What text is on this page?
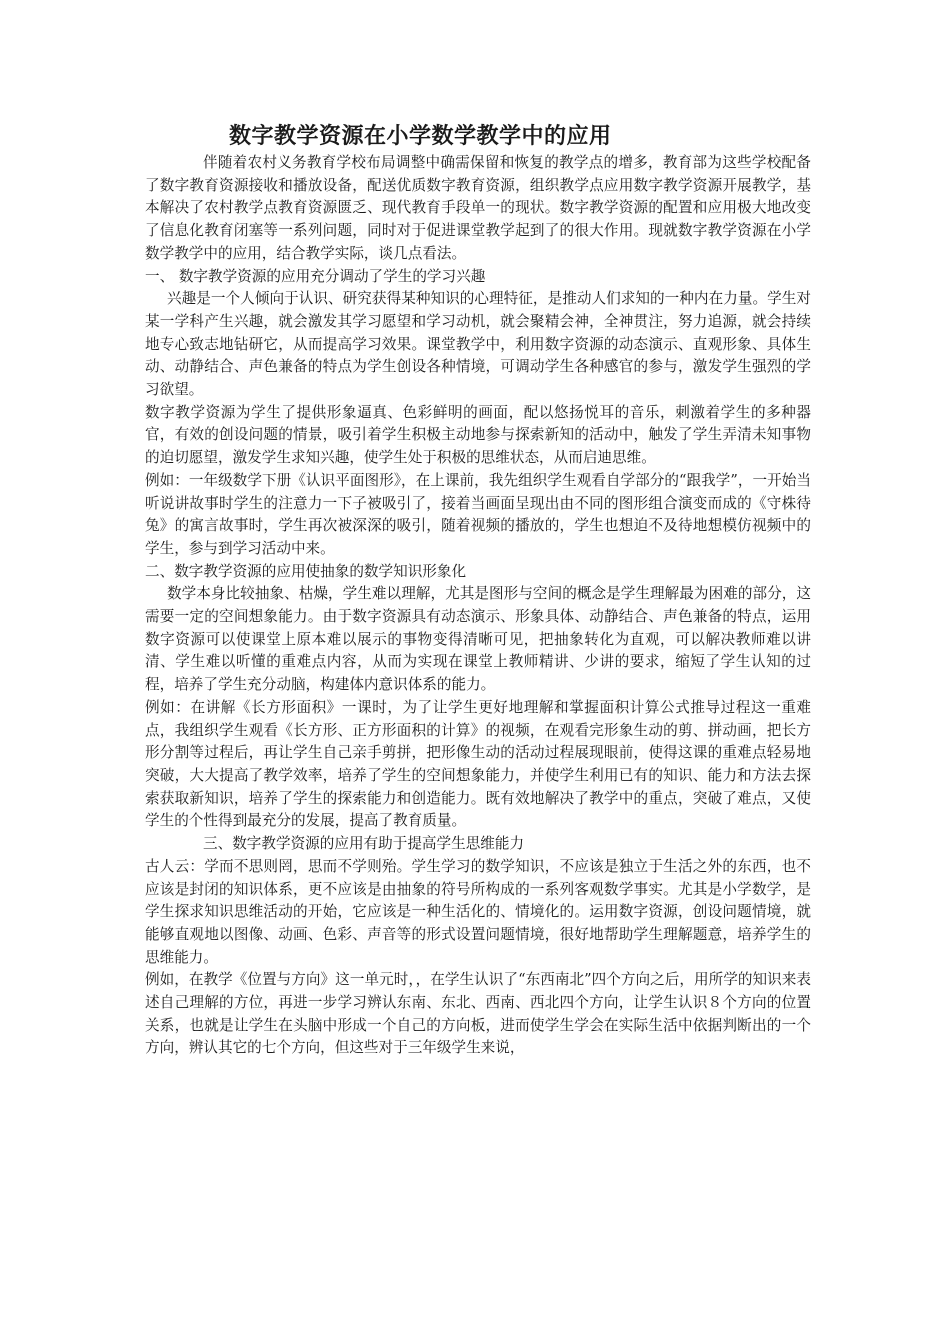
数字教学资源在小学数学教学中的应用

伴随着农村义务教育学校布局调整中确需保留和恢复的教学点的增多，教育部为这些学校配备了数字教育资源接收和播放设备，配送优质数字教育资源，组织教学点应用数字教学资源开展教学，基本解决了农村教学点教育资源匮乏、现代教育手段单一的现状。数字教学资源的配置和应用极大地改变了信息化教育闭塞等一系列问题，同时对于促进课堂教学起到了的很大作用。现就数字教学资源在小学数学教学中的应用，结合教学实际，谈几点看法。

一、 数字教学资源的应用充分调动了学生的学习兴趣

兴趣是一个人倾向于认识、研究获得某种知识的心理特征，是推动人们求知的一种内在力量。学生对某一学科产生兴趣，就会激发其学习愿望和学习动机，就会聚精会神，全神贯注，努力追源，就会持续地专心致志地钻研它，从而提高学习效果。课堂教学中，利用数字资源的动态演示、直观形象、具体生动、动静结合、声色兼备的特点为学生创设各种情境，可调动学生各种感官的参与，激发学生强烈的学习欲望。

数字教学资源为学生了提供形象逼真、色彩鲜明的画面，配以悠扬悦耳的音乐，刺激着学生的多种器官，有效的创设问题的情景，吸引着学生积极主动地参与探索新知的活动中，触发了学生弄清未知事物的迫切愿望，激发学生求知兴趣，使学生处于积极的思维状态，从而启迪思维。

例如：一年级数学下册《认识平面图形》，在上课前，我先组织学生观看自学部分的“跟我学”，一开始当听说讲故事时学生的注意力一下子被吸引了，接着当画面呈现出由不同的图形组合演变而成的《守株待兔》的寓言故事时，学生再次被深深的吸引，随着视频的播放的，学生也想迫不及待地想模仿视频中的学生，参与到学习活动中来。

二、数字教学资源的应用使抽象的数学知识形象化

数学本身比较抽象、枯燥，学生难以理解，尤其是图形与空间的概念是学生理解最为困难的部分，这需要一定的空间想象能力。由于数字资源具有动态演示、形象具体、动静结合、声色兼备的特点，运用数字资源可以使课堂上原本难以展示的事物变得清晰可见，把抽象转化为直观，可以解决教师难以讲清、学生难以听懂的重难点内容，从而为实现在课堂上教师精讲、少讲的要求，缩短了学生认知的过程，培养了学生充分动脑，构建体内意识体系的能力。

例如：在讲解《长方形面积》一课时，为了让学生更好地理解和掌握面积计算公式推导过程这一重难点，我组织学生观看《长方形、正方形面积的计算》的视频，在观看完形象生动的剪、拼动画，把长方形分割等过程后，再让学生自己亲手剪拼，把形像生动的活动过程展现眼前，使得这课的重难点轻易地突破，大大提高了教学效率，培养了学生的空间想象能力，并使学生利用已有的知识、能力和方法去探索获取新知识，培养了学生的探索能力和创造能力。既有效地解决了教学中的重点，突破了难点，又使学生的个性得到最充分的发展，提高了教育质量。

三、数字教学资源的应用有助于提高学生思维能力

古人云：学而不思则罔，思而不学则殆。学生学习的数学知识，不应该是独立于生活之外的东西，也不应该是封闭的知识体系，更不应该是由抽象的符号所构成的一系列客观数学事实。尤其是小学数学，是学生探求知识思维活动的开始，它应该是一种生活化的、情境化的。运用数字资源，创设问题情境，就能够直观地以图像、动画、色彩、声音等的形式设置问题情境，很好地帮助学生理解题意，培养学生的思维能力。

例如，在教学《位置与方向》这一单元时，，在学生认识了“东西南北”四个方向之后，用所学的知识来表述自己理解的方位，再进一步学习辨认东南、东北、西南、西北四个方向，让学生认识８个方向的位置关系，也就是让学生在头脑中形成一个自己的方向板，进而使学生学会在实际生活中依据判断出的一个方向，辨认其它的七个方向，但这些对于三年级学生来说，
